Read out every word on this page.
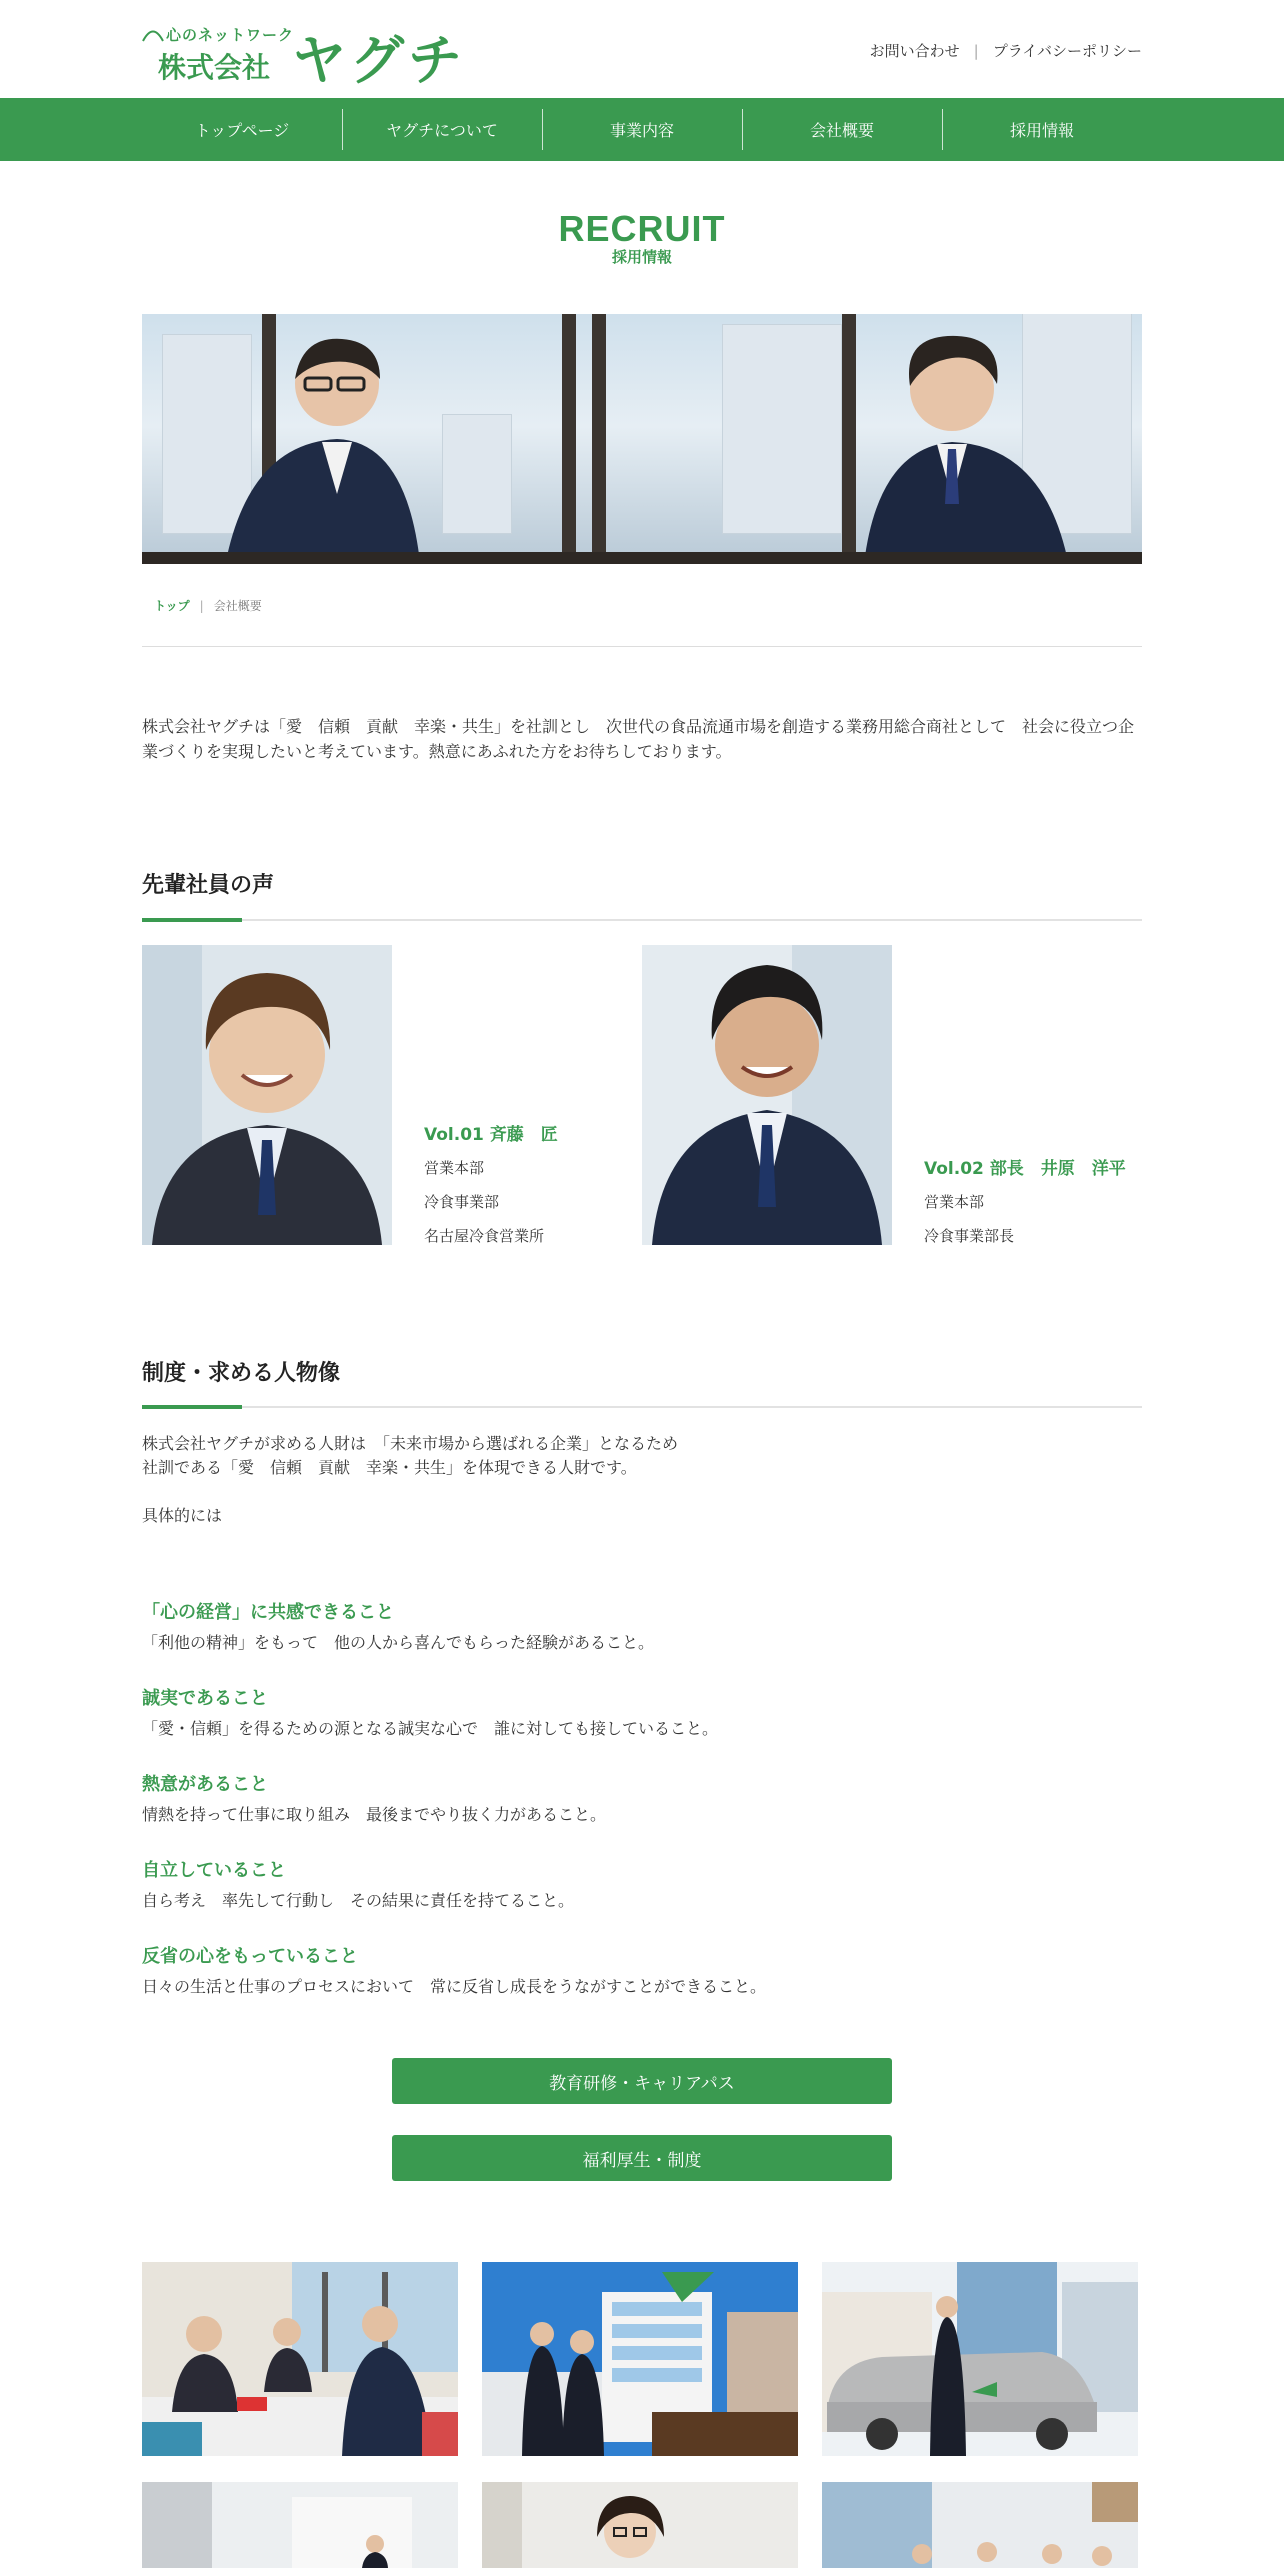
心のネットワーク
株式会社 ヤグチ	お問い合わせ | プライバシーポリシー
トップページ	ヤグチについて	事業内容	会社概要	採用情報
RECRUIT
採用情報
トップ | 会社概要

株式会社ヤグチは「愛　信頼　貢献　幸楽・共生」を社訓とし　次世代の食品流通市場を創造する業務用総合商社として　社会に役立つ企業づくりを実現したいと考えています。熱意にあふれた方をお待ちしております。

先輩社員の声
Vol.01 斉藤　匠
営業本部
冷食事業部
名古屋冷食営業所
Vol.02 部長　井原　洋平
営業本部
冷食事業部長
制度・求める人物像
株式会社ヤグチが求める人財は　「未来市場から選ばれる企業」となるため
社訓である「愛　信頼　貢献　幸楽・共生」を体現できる人財です。
具体的には
「心の経営」に共感できること
「利他の精神」をもって　他の人から喜んでもらった経験があること。
誠実であること
「愛・信頼」を得るための源となる誠実な心で　誰に対しても接していること。
熱意があること
情熱を持って仕事に取り組み　最後までやり抜く力があること。
自立していること
自ら考え　率先して行動し　その結果に責任を持てること。
反省の心をもっていること
日々の生活と仕事のプロセスにおいて　常に反省し成長をうながすことができること。
教育研修・キャリアパス
福利厚生・制度
